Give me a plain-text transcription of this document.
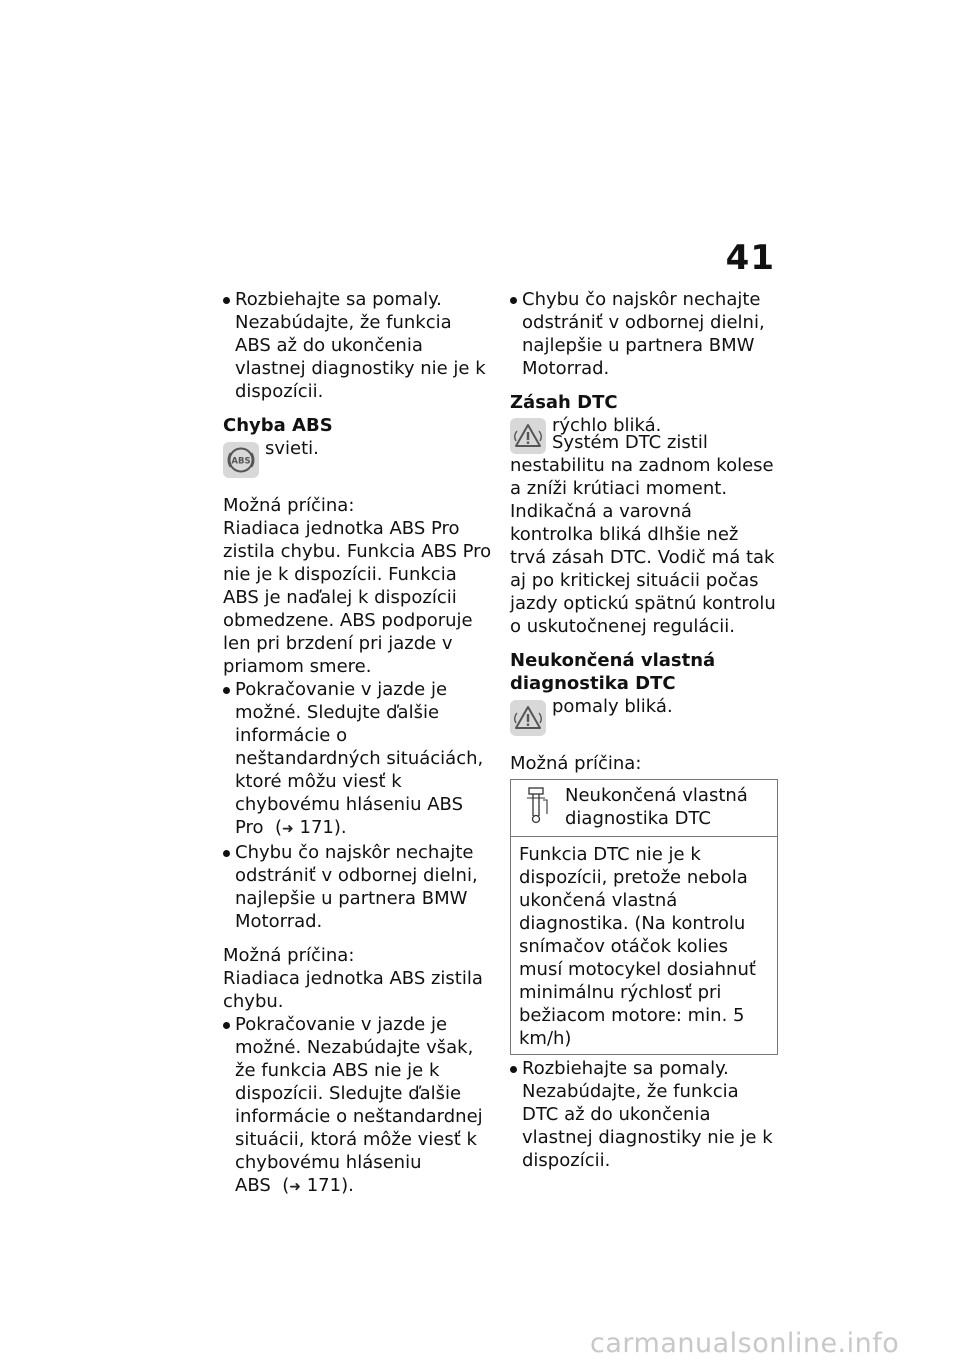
41

Rozbiehajte sa pomaly. Nezabúdajte, že funkcia ABS až do ukončenia vlastnej diagnostiky nie je k dispozícii.

Chyba ABS

ABS

svieti.

Možná príčina:

Riadiaca jednotka ABS Pro zistila chybu. Funkcia ABS Pro nie je k dispozícii. Funkcia ABS je naďalej k dispozícii obmedzene. ABS podporuje len pri brzdení pri jazde v priamom smere.

Pokračovanie v jazde je možné. Sledujte ďalšie informácie o neštandardných situáciách, ktoré môžu viesť k chybovému hláseniu ABS Pro  (➜ 171).

Chybu čo najskôr nechajte odstrániť v odbornej dielni, najlepšie u partnera BMW Motorrad.

Možná príčina:

Riadiaca jednotka ABS zistila chybu.

Pokračovanie v jazde je možné. Nezabúdajte však, že funkcia ABS nie je k dispozícii. Sledujte ďalšie informácie o neštandardnej situácii, ktorá môže viesť k chybovému hláseniu ABS  (➜ 171).

Chybu čo najskôr nechajte odstrániť v odbornej dielni, najlepšie u partnera BMW Motorrad.

Zásah DTC

rýchlo bliká.

Systém DTC zistil nestabilitu na zadnom kolese a zníži krútiaci moment. Indikačná a varovná kontrolka bliká dlhšie než trvá zásah DTC. Vodič má tak aj po kritickej situácii počas jazdy optickú spätnú kontrolu o uskutočnenej regulácii.

Neukončená vlastná
diagnostika DTC

pomaly bliká.

Možná príčina:

Neukončená vlastná diagnostika DTC

Funkcia DTC nie je k dispozícii, pretože nebola ukončená vlastná diagnostika. (Na kontrolu snímačov otáčok kolies musí motocykel dosiahnuť minimálnu rýchlosť pri bežiacom motore: min. 5 km/h)

Rozbiehajte sa pomaly. Nezabúdajte, že funkcia DTC až do ukončenia vlastnej diagnostiky nie je k dispozícii.

carmanualsonline.info
